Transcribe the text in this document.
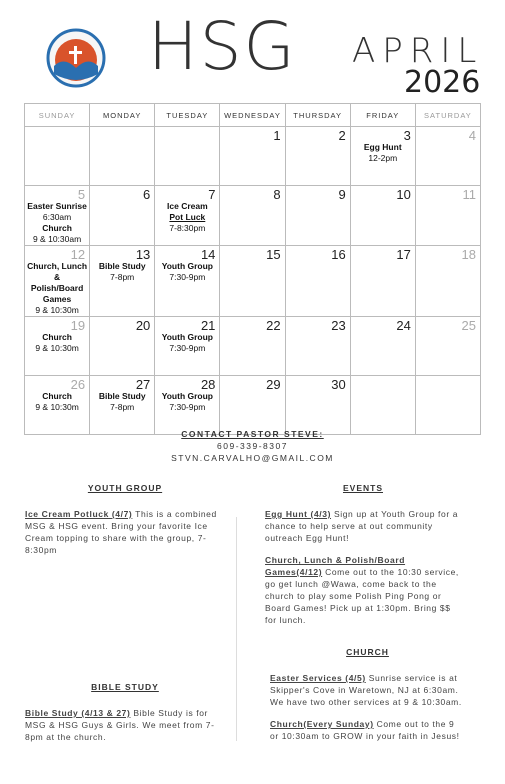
HSG APRIL
2026
SUNDAY	MONDAY	TUESDAY	WEDNESDAY	THURSDAY	FRIDAY	SATURDAY

			1	2	3
Egg Hunt
12-2pm	4

5
Easter Sunrise
6:30am
Church
9 & 10:30am	6	7
Ice Cream
Pot Luck
7-8:30pm	8	9	10	11

12
Church, Lunch &
Polish/Board
Games
9 & 10:30m	13
Bible Study
7-8pm	14
Youth Group
7:30-9pm	15	16	17	18

19
Church
9 & 10:30m	20	21
Youth Group
7:30-9pm	22	23	24	25

26
Church
9 & 10:30m	27
Bible Study
7-8pm	28
Youth Group
7:30-9pm	29	30		

CONTACT PASTOR STEVE:
609-339-8307
STVN.CARVALHO@GMAIL.COM
YOUTH GROUP

Ice Cream Potluck (4/7) This is a combined MSG & HSG event. Bring your favorite Ice Cream topping to share with the group, 7-8:30pm

BIBLE STUDY

Bible Study (4/13 & 27) Bible Study is for MSG & HSG Guys & Girls. We meet from 7-8pm at the church.

EVENTS

Egg Hunt (4/3) Sign up at Youth Group for a chance to help serve at out community outreach Egg Hunt!

Church, Lunch & Polish/Board Games(4/12) Come out to the 10:30 service, go get lunch @Wawa, come back to the church to play some Polish Ping Pong or Board Games! Pick up at 1:30pm. Bring $$ for lunch.

CHURCH

Easter Services (4/5) Sunrise service is at Skipper's Cove in Waretown, NJ at 6:30am. We have two other services at 9 & 10:30am.

Church(Every Sunday) Come out to the 9 or 10:30am to GROW in your faith in Jesus!
